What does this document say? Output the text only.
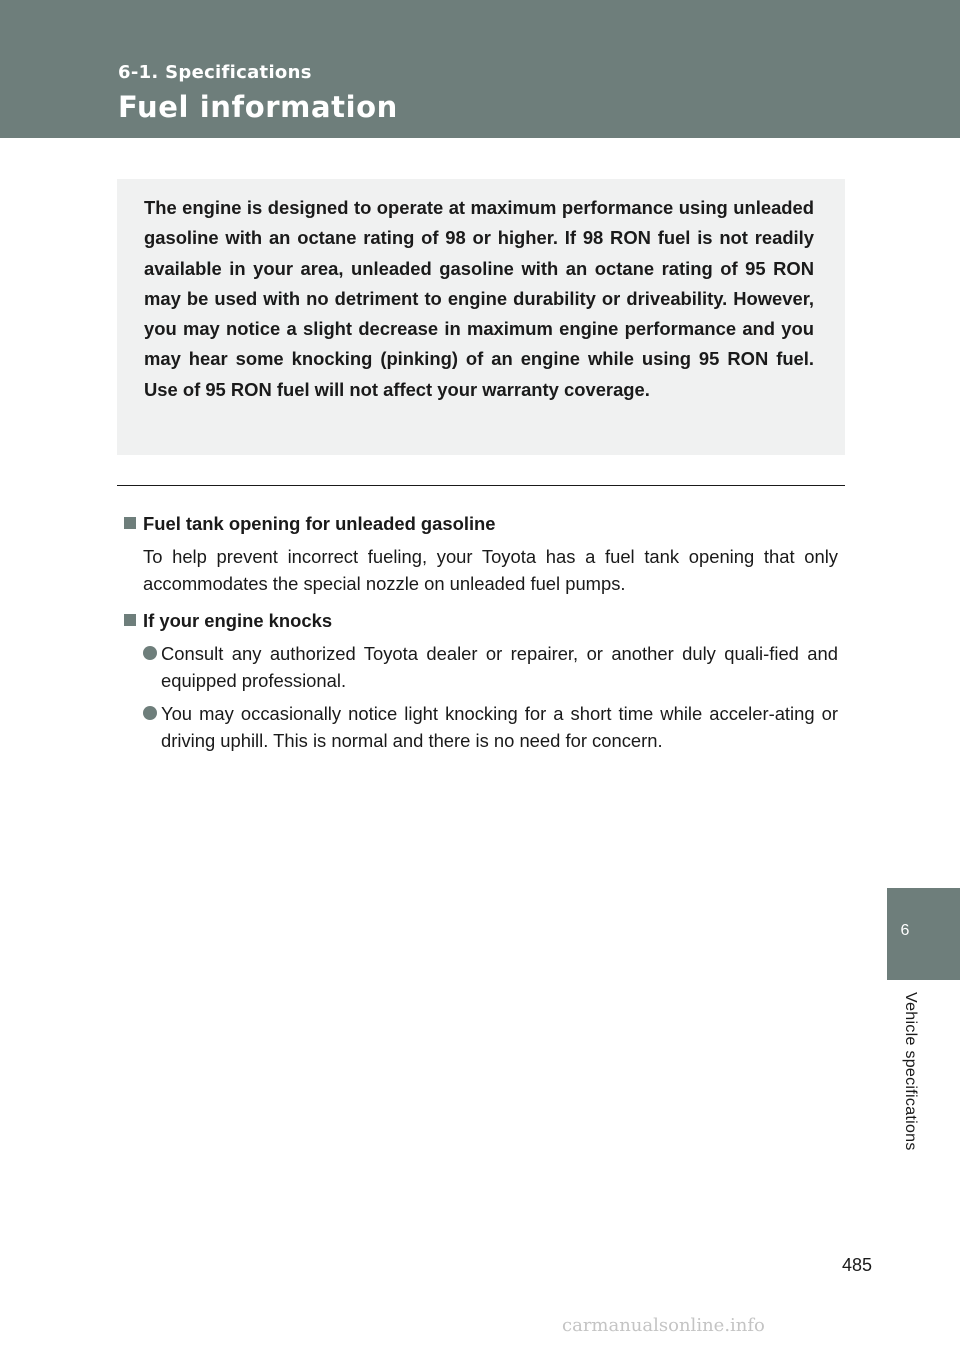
6-1. Specifications
Fuel information

The engine is designed to operate at maximum performance using unleaded gasoline with an octane rating of 98 or higher. If 98 RON fuel is not readily available in your area, unleaded gasoline with an octane rating of 95 RON may be used with no detriment to engine durability or driveability. However, you may notice a slight decrease in maximum engine performance and you may hear some knocking (pinking) of an engine while using 95 RON fuel. Use of 95 RON fuel will not affect your warranty coverage.

Fuel tank opening for unleaded gasoline
To help prevent incorrect fueling, your Toyota has a fuel tank opening that only accommodates the special nozzle on unleaded fuel pumps.
If your engine knocks
Consult any authorized Toyota dealer or repairer, or another duly quali-fied and equipped professional.
You may occasionally notice light knocking for a short time while acceler-ating or driving uphill. This is normal and there is no need for concern.
6
Vehicle specifications
485
carmanualsonline.info
